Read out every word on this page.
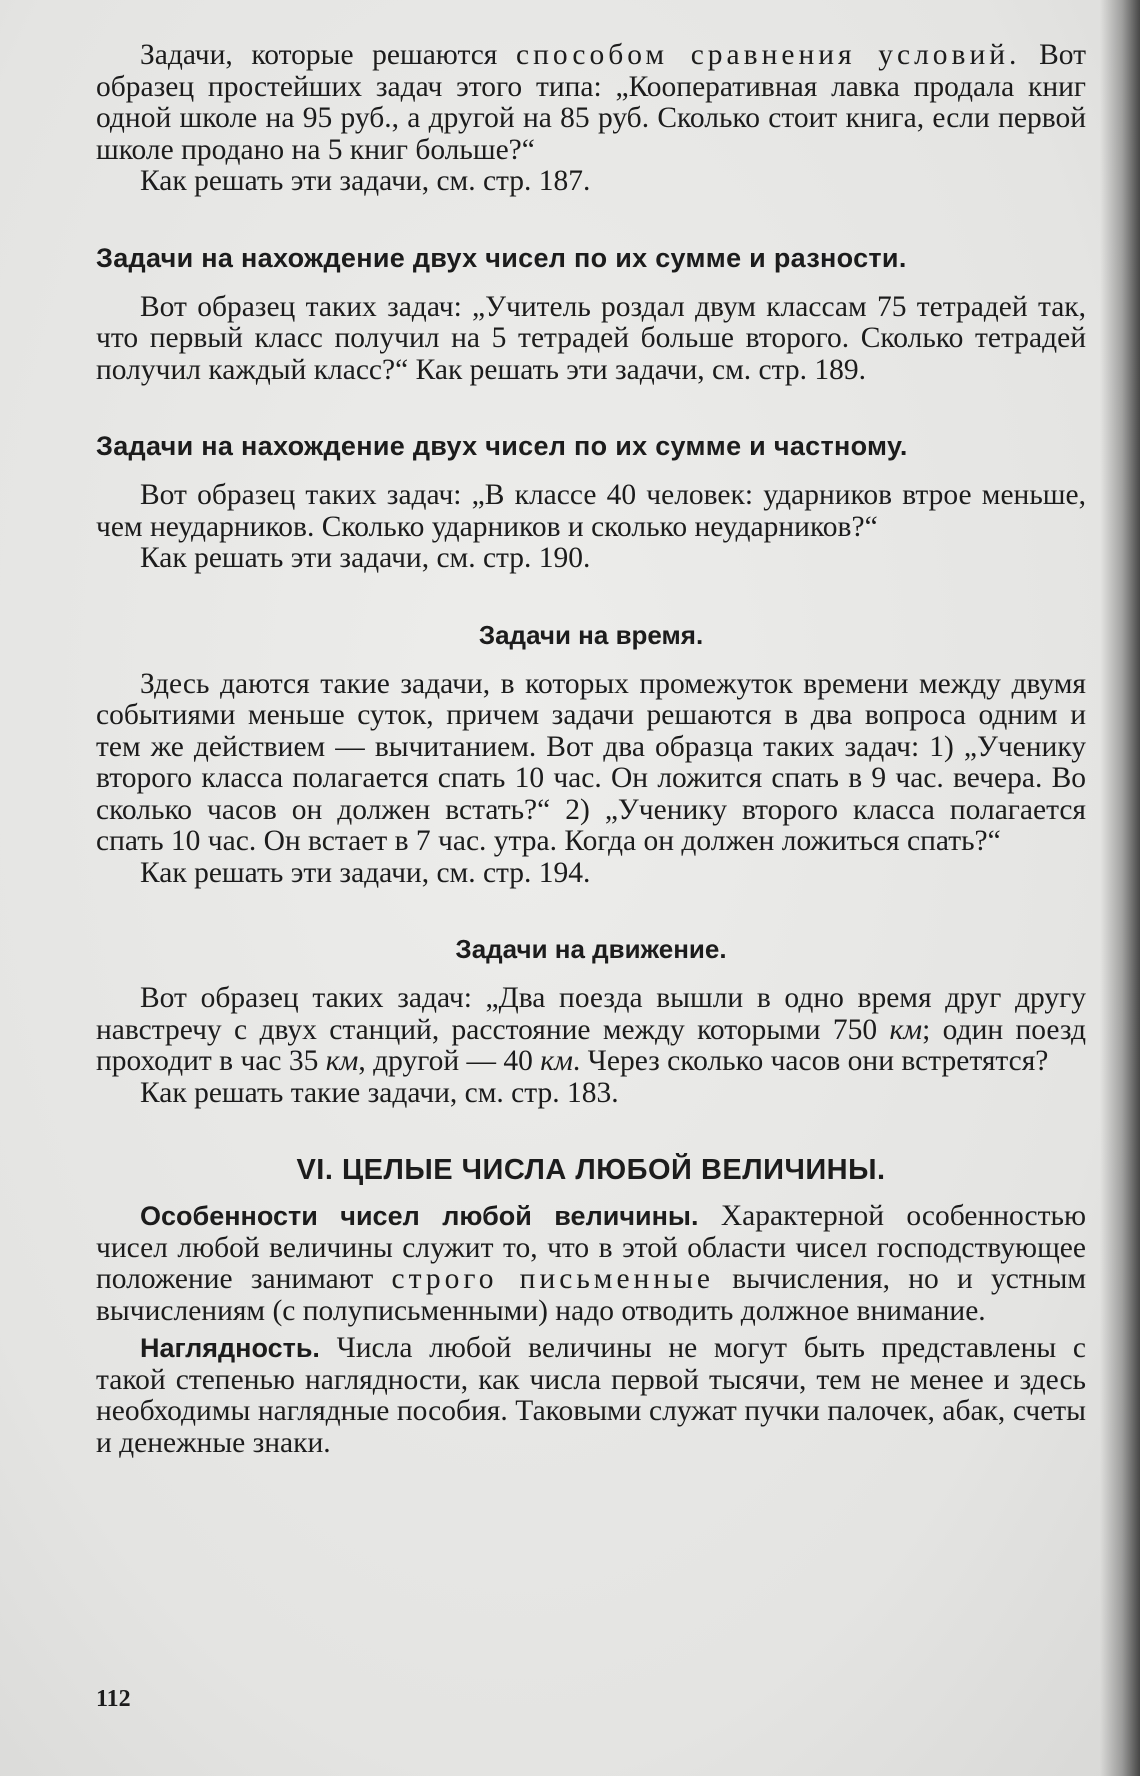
Задачи, которые решаются способом сравнения условий. Вот образец простейших задач этого типа: „Кооперативная лавка продала книг одной школе на 95 руб., а другой на 85 руб. Сколько стоит книга, если первой школе продано на 5 книг больше?“

Как решать эти задачи, см. стр. 187.

Задачи на нахождение двух чисел по их сумме и разности.

Вот образец таких задач: „Учитель роздал двум классам 75 тетрадей так, что первый класс получил на 5 тетрадей больше второго. Сколько тетрадей получил каждый класс?“ Как решать эти задачи, см. стр. 189.

Задачи на нахождение двух чисел по их сумме и частному.

Вот образец таких задач: „В классе 40 человек: ударников втрое меньше, чем неударников. Сколько ударников и сколько неударников?“

Как решать эти задачи, см. стр. 190.

Задачи на время.

Здесь даются такие задачи, в которых промежуток времени между двумя событиями меньше суток, причем задачи решаются в два вопроса одним и тем же действием — вычитанием. Вот два образца таких задач: 1) „Ученику второго класса полагается спать 10 час. Он ложится спать в 9 час. вечера. Во сколько часов он должен встать?“ 2) „Ученику второго класса полагается спать 10 час. Он встает в 7 час. утра. Когда он должен ложиться спать?“

Как решать эти задачи, см. стр. 194.

Задачи на движение.

Вот образец таких задач: „Два поезда вышли в одно время друг другу навстречу с двух станций, расстояние между которыми 750 км; один поезд проходит в час 35 км, другой — 40 км. Через сколько часов они встретятся?

Как решать такие задачи, см. стр. 183.

VI. ЦЕЛЫЕ ЧИСЛА ЛЮБОЙ ВЕЛИЧИНЫ.

Особенности чисел любой величины. Характерной особенностью чисел любой величины служит то, что в этой области чисел господствующее положение занимают строго письменные вычисления, но и устным вычислениям (с полуписьменными) надо отводить должное внимание.

Наглядность. Числа любой величины не могут быть представлены с такой степенью наглядности, как числа первой тысячи, тем не менее и здесь необходимы наглядные пособия. Таковыми служат пучки палочек, абак, счеты и денежные знаки.

112
